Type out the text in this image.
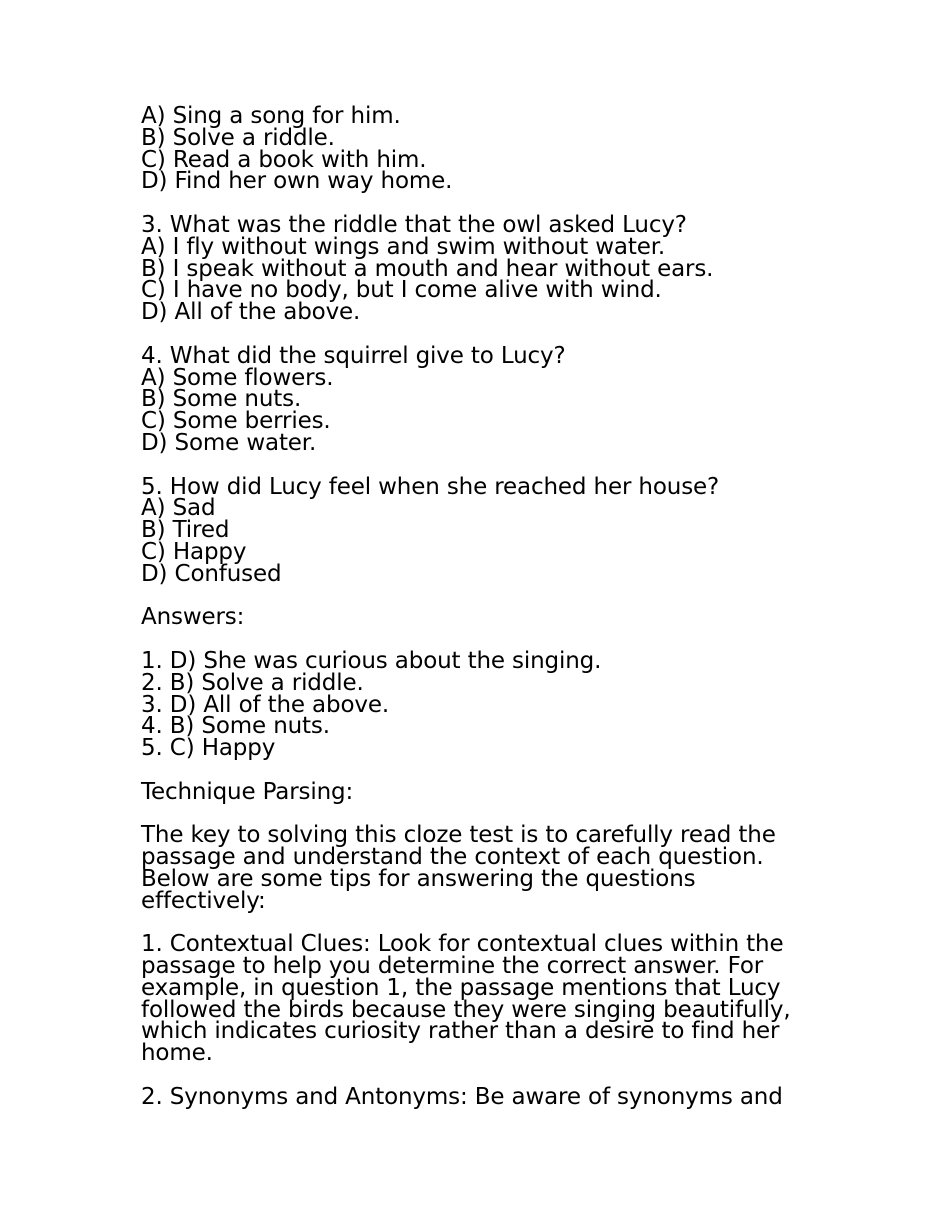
A) Sing a song for him.
B) Solve a riddle.
C) Read a book with him.
D) Find her own way home.
3. What was the riddle that the owl asked Lucy?
A) I fly without wings and swim without water.
B) I speak without a mouth and hear without ears.
C) I have no body, but I come alive with wind.
D) All of the above.
4. What did the squirrel give to Lucy?
A) Some flowers.
B) Some nuts.
C) Some berries.
D) Some water.
5. How did Lucy feel when she reached her house?
A) Sad
B) Tired
C) Happy
D) Confused
Answers:
1. D) She was curious about the singing.
2. B) Solve a riddle.
3. D) All of the above.
4. B) Some nuts.
5. C) Happy
Technique Parsing:
The key to solving this cloze test is to carefully read the passage and understand the context of each question. Below are some tips for answering the questions effectively:
1. Contextual Clues: Look for contextual clues within the passage to help you determine the correct answer. For example, in question 1, the passage mentions that Lucy followed the birds because they were singing beautifully, which indicates curiosity rather than a desire to find her home.
2. Synonyms and Antonyms: Be aware of synonyms and
